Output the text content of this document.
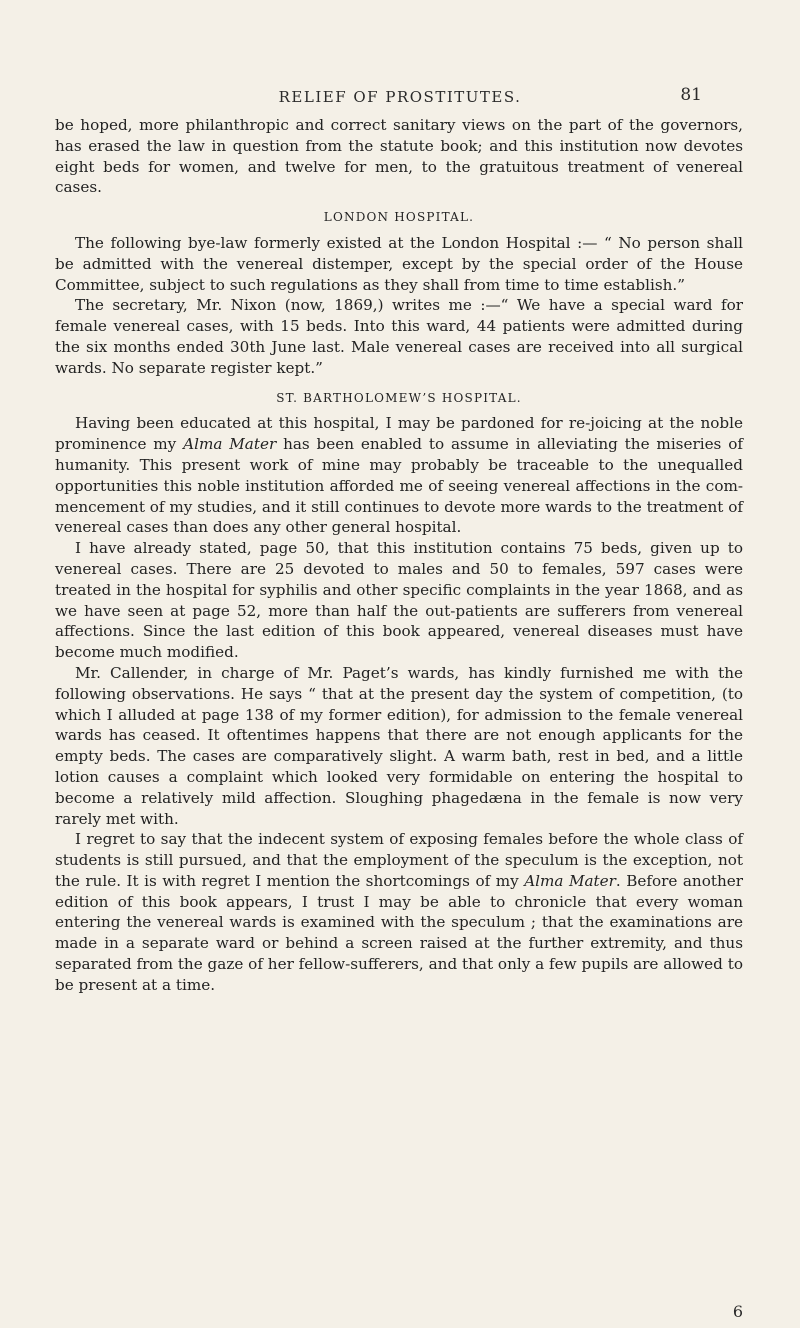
RELIEF OF PROSTITUTES.	81

be hoped, more philanthropic and correct sanitary views on the part of the governors, has erased the law in question from the statute book; and this institution now devotes eight beds for women, and twelve for men, to the gratuitous treatment of venereal cases.

LONDON HOSPITAL.

The following bye-law formerly existed at the London Hospital :— “ No person shall be admitted with the venereal distemper, except by the special order of the House Committee, subject to such regulations as they shall from time to time establish.”

The secretary, Mr. Nixon (now, 1869,) writes me :—“ We have a special ward for female venereal cases, with 15 beds. Into this ward, 44 patients were admitted during the six months ended 30th June last. Male venereal cases are received into all surgical wards. No separate register kept.”

ST. BARTHOLOMEW’S HOSPITAL.

Having been educated at this hospital, I may be pardoned for re-joicing at the noble prominence my Alma Mater has been enabled to assume in alleviating the miseries of humanity. This present work of mine may probably be traceable to the unequalled opportunities this noble institution afforded me of seeing venereal affections in the com-mencement of my studies, and it still continues to devote more wards to the treatment of venereal cases than does any other general hospital.

I have already stated, page 50, that this institution contains 75 beds, given up to venereal cases. There are 25 devoted to males and 50 to females, 597 cases were treated in the hospital for syphilis and other specific complaints in the year 1868, and as we have seen at page 52, more than half the out-patients are sufferers from venereal affections. Since the last edition of this book appeared, venereal diseases must have become much modified.

Mr. Callender, in charge of Mr. Paget’s wards, has kindly furnished me with the following observations. He says “ that at the present day the system of competition, (to which I alluded at page 138 of my former edition), for admission to the female venereal wards has ceased. It oftentimes happens that there are not enough applicants for the empty beds. The cases are comparatively slight. A warm bath, rest in bed, and a little lotion causes a complaint which looked very formidable on entering the hospital to become a relatively mild affection. Sloughing phagedæna in the female is now very rarely met with.

I regret to say that the indecent system of exposing females before the whole class of students is still pursued, and that the employment of the speculum is the exception, not the rule. It is with regret I mention the shortcomings of my Alma Mater. Before another edition of this book appears, I trust I may be able to chronicle that every woman entering the venereal wards is examined with the speculum ; that the examinations are made in a separate ward or behind a screen raised at the further extremity, and thus separated from the gaze of her fellow-sufferers, and that only a few pupils are allowed to be present at a time.

6
